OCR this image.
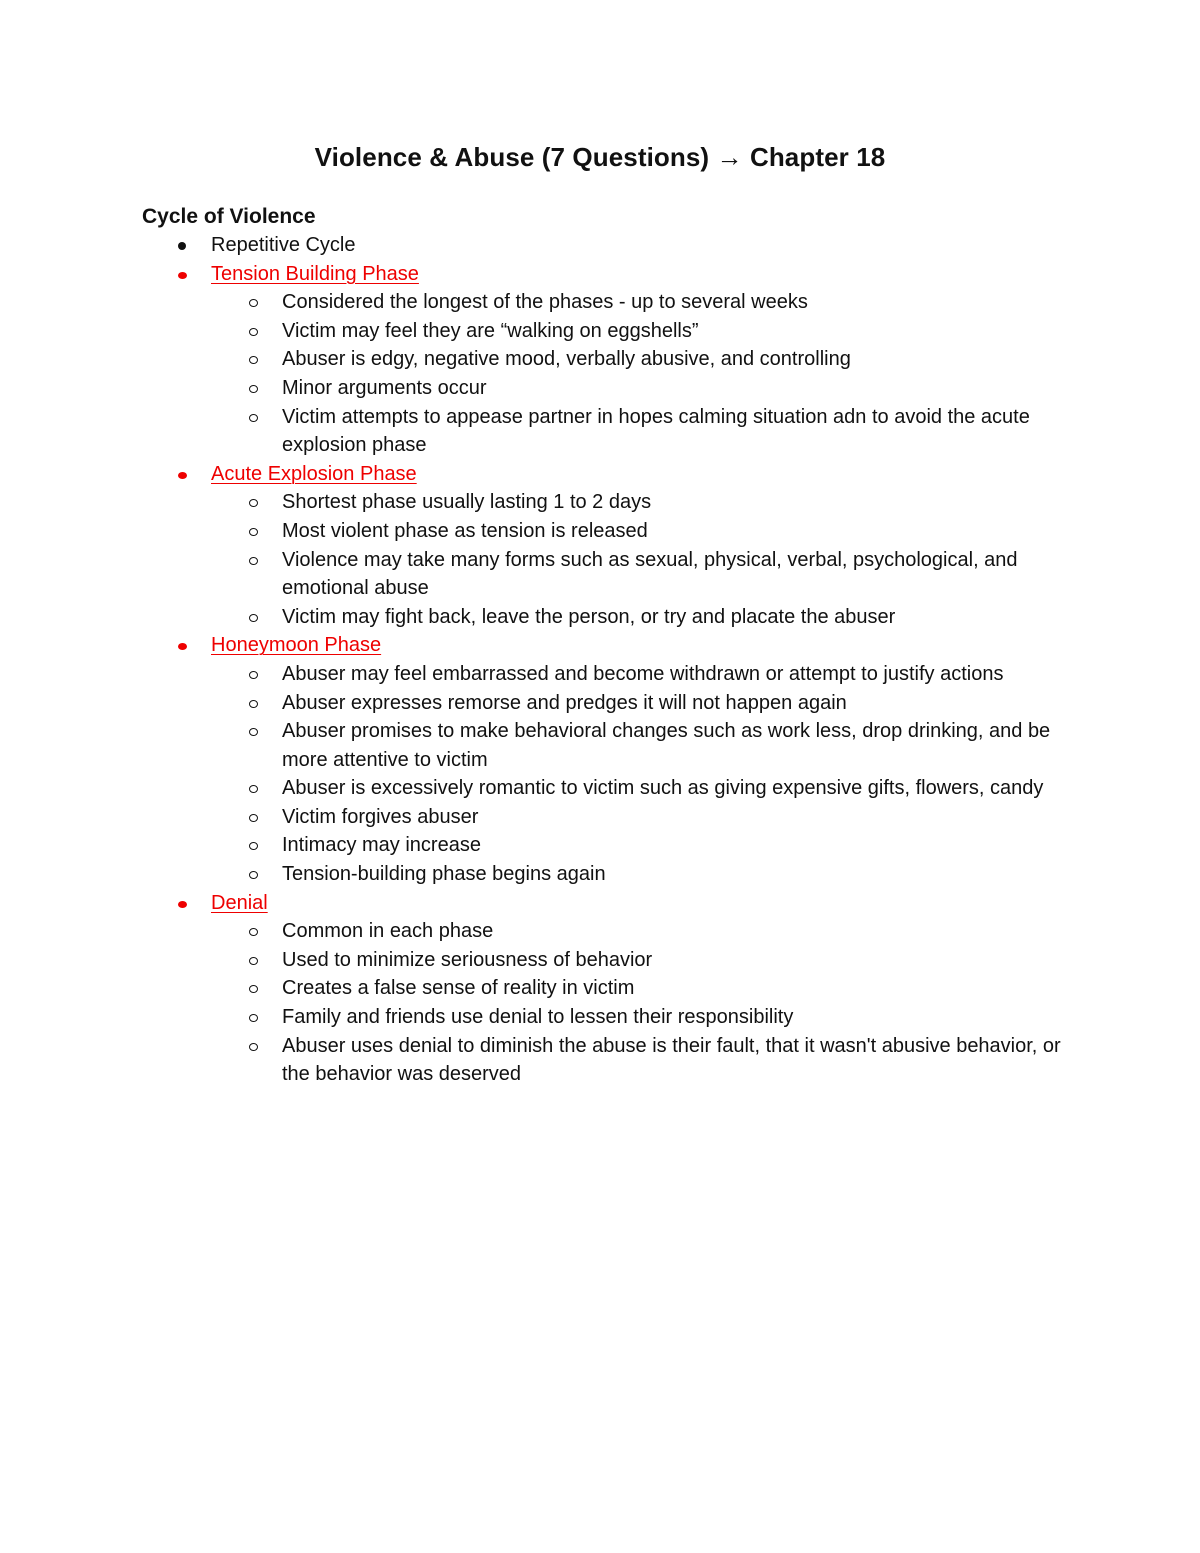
Violence & Abuse (7 Questions) → Chapter 18
Cycle of Violence
Repetitive Cycle
Tension Building Phase
Considered the longest of the phases - up to several weeks
Victim may feel they are “walking on eggshells”
Abuser is edgy, negative mood, verbally abusive, and controlling
Minor arguments occur
Victim attempts to appease partner in hopes calming situation adn to avoid the acute explosion phase
Acute Explosion Phase
Shortest phase usually lasting 1 to 2 days
Most violent phase as tension is released
Violence may take many forms such as sexual, physical, verbal, psychological, and emotional abuse
Victim may fight back, leave the person, or try and placate the abuser
Honeymoon Phase
Abuser may feel embarrassed and become withdrawn or attempt to justify actions
Abuser expresses remorse and predges it will not happen again
Abuser promises to make behavioral changes such as work less, drop drinking, and be more attentive to victim
Abuser is excessively romantic to victim such as giving expensive gifts, flowers, candy
Victim forgives abuser
Intimacy may increase
Tension-building phase begins again
Denial
Common in each phase
Used to minimize seriousness of behavior
Creates a false sense of reality in victim
Family and friends use denial to lessen their responsibility
Abuser uses denial to diminish the abuse is their fault, that it wasn't abusive behavior, or the behavior was deserved
